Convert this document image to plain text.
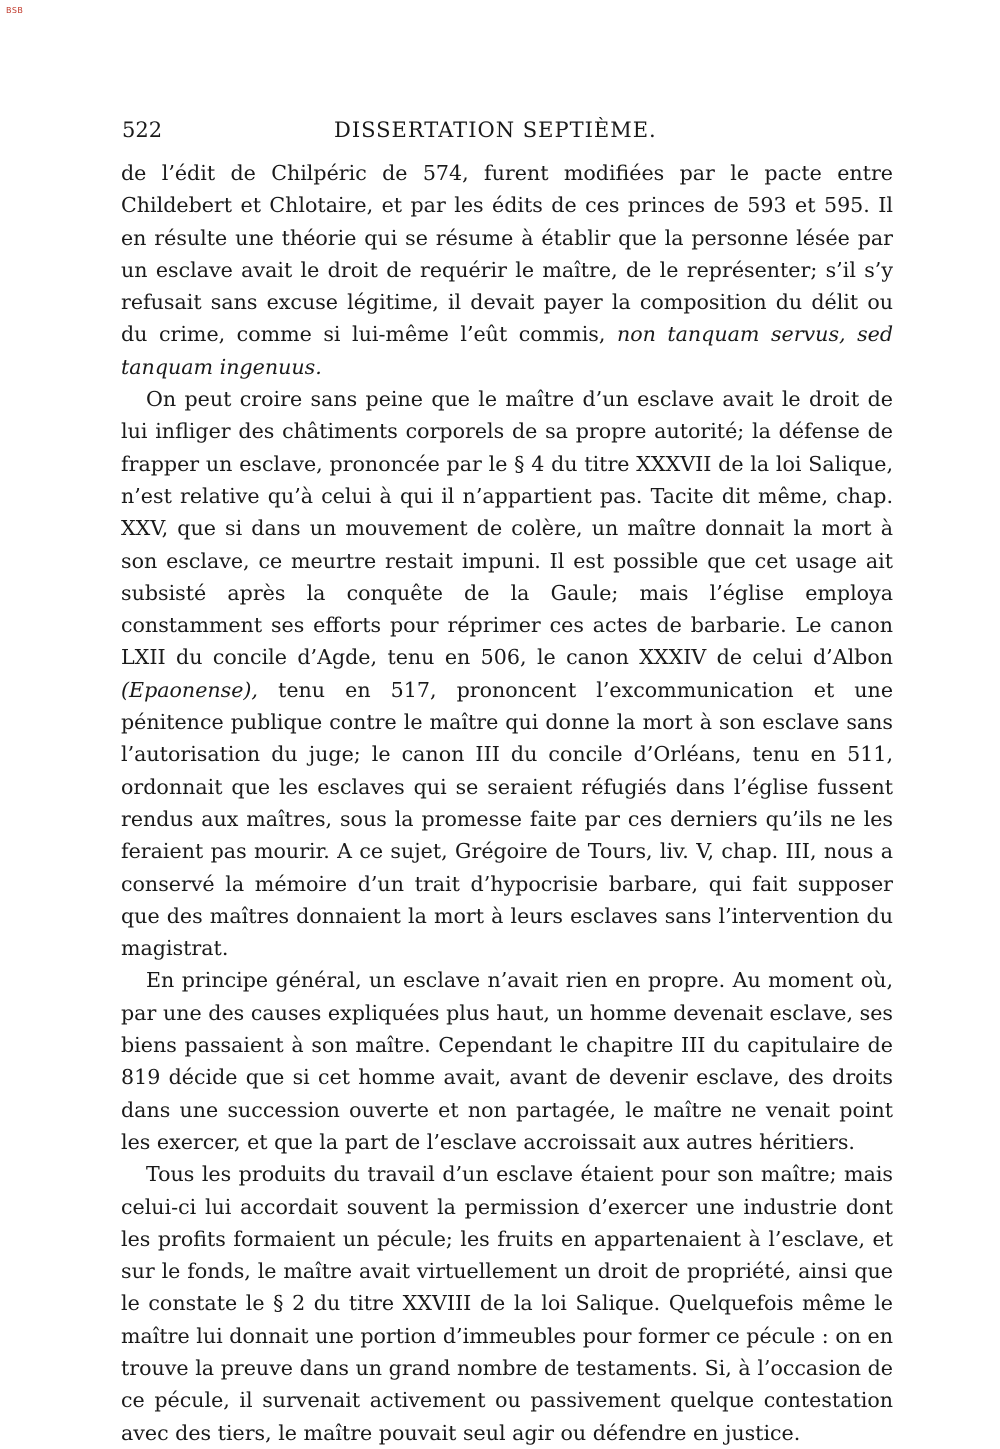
BSB
522	DISSERTATION SEPTIÈME.

de l’édit de Chilpéric de 574, furent modifiées par le pacte entre Childebert et Chlotaire, et par les édits de ces princes de 593 et 595. Il en résulte une théorie qui se résume à établir que la personne lésée par un esclave avait le droit de requérir le maître, de le représenter; s’il s’y refusait sans excuse légitime, il devait payer la composition du délit ou du crime, comme si lui-même l’eût commis, non tanquam servus, sed tanquam ingenuus.

On peut croire sans peine que le maître d’un esclave avait le droit de lui infliger des châtiments corporels de sa propre autorité; la défense de frapper un esclave, prononcée par le § 4 du titre XXXVII de la loi Salique, n’est relative qu’à celui à qui il n’appartient pas. Tacite dit même, chap. XXV, que si dans un mouvement de colère, un maître donnait la mort à son esclave, ce meurtre restait impuni. Il est possible que cet usage ait subsisté après la conquête de la Gaule; mais l’église employa constamment ses efforts pour réprimer ces actes de barbarie. Le canon LXII du concile d’Agde, tenu en 506, le canon XXXIV de celui d’Albon (Epaonense), tenu en 517, prononcent l’excommunication et une pénitence publique contre le maître qui donne la mort à son esclave sans l’autorisation du juge; le canon III du concile d’Orléans, tenu en 511, ordonnait que les esclaves qui se seraient réfugiés dans l’église fussent rendus aux maîtres, sous la promesse faite par ces derniers qu’ils ne les feraient pas mourir. A ce sujet, Grégoire de Tours, liv. V, chap. III, nous a conservé la mémoire d’un trait d’hypocrisie barbare, qui fait supposer que des maîtres donnaient la mort à leurs esclaves sans l’intervention du magistrat.

En principe général, un esclave n’avait rien en propre. Au moment où, par une des causes expliquées plus haut, un homme devenait esclave, ses biens passaient à son maître. Cependant le chapitre III du capitulaire de 819 décide que si cet homme avait, avant de devenir esclave, des droits dans une succession ouverte et non partagée, le maître ne venait point les exercer, et que la part de l’esclave accroissait aux autres héritiers.

Tous les produits du travail d’un esclave étaient pour son maître; mais celui-ci lui accordait souvent la permission d’exercer une industrie dont les profits formaient un pécule; les fruits en appartenaient à l’esclave, et sur le fonds, le maître avait virtuellement un droit de propriété, ainsi que le constate le § 2 du titre XXVIII de la loi Salique. Quelquefois même le maître lui donnait une portion d’immeubles pour former ce pécule : on en trouve la preuve dans un grand nombre de testaments. Si, à l’occasion de ce pécule, il survenait activement ou passivement quelque contestation avec des tiers, le maître pouvait seul agir ou défendre en justice.
